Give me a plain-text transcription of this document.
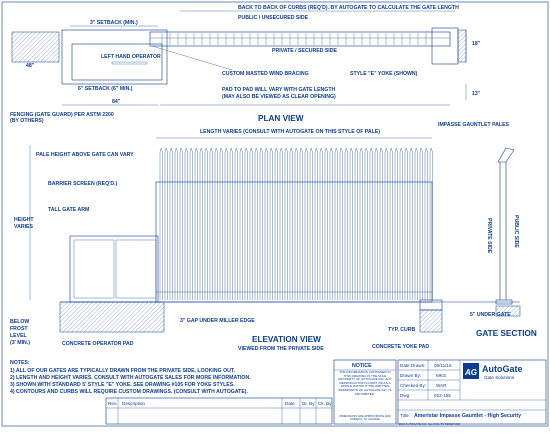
BACK TO BACK OF CURBS (REQ'D). BY AUTOGATE TO CALCULATE THE GATE LENGTH
PUBLIC / UNSECURED SIDE
3" SETBACK (MIN.)
LEFT HAND OPERATOR
PRIVATE / SECURED SIDE
CUSTOM MASTED WIND BRACING	STYLE "E" YOKE (SHOWN)
48"
18"
13"
6" SETBACK (6" MIN.)	PAD TO PAD WILL VARY WITH GATE LENGTH
(MAY ALSO BE VIEWED AS CLEAR OPENING)
84"
FENCING (GATE GUARD) PER ASTM 2200
(BY OTHERS)	PLAN VIEW
LENGTH VARIES (CONSULT WITH AUTOGATE ON THIS STYLE OF PALE)
IMPASSE GAUNTLET PALES
PALE HEIGHT ABOVE GATE CAN VARY
BARRIER SCREEN (REQ'D.)
TALL GATE ARM
HEIGHT
VARIES
BELOW
FROST
LEVEL
(3' MIN.)
3" GAP UNDER MILLER EDGE
TYP. CURB
CONCRETE OPERATOR PAD	CONCRETE YOKE PAD
ELEVATION VIEW
VIEWED FROM THE PRIVATE SIDE
PUBLIC SIDE
PRIVATE SIDE
5" UNDER GATE
GATE SECTION
NOTES:
1) ALL OF OUR GATES ARE TYPICALLY DRAWN FROM THE PRIVATE SIDE, LOOKING OUT.
2) LENGTH AND HEIGHT VARIES. CONSULT WITH AUTOGATE SALES FOR MORE INFORMATION.
3) SHOWN WITH STANDARD 5' STYLE "E" YOKE. SEE DRAWING #105 FOR YOKE STYLES.
4) CONTOURS AND CURBS WILL REQUIRE CUSTOM DRAWINGS. (CONSULT WITH AUTOGATE).
Rev. Description	Date Dr. By Ck. By
NOTICE
THE INFORMATION CONTAINED IN THIS DRAWING IS THE SOLE PROPERTY OF AUTOGATE INC. ANY REPRODUCTION IN PART OR AS A WHOLE WITHOUT THE WRITTEN PERMISSION OF AUTOGATE INC. IS PROHIBITED.
DIMENSIONS ARE APPROXIMATE AND SUBJECT TO CHANGE
Date Drawn: 08/11/16
Drawn By:	MKS
Checked By: WAR
Dwg:	022-155
AG AutoGate
Gate Solutions
Title: Ameristar Impasse Gauntlet - High Security
© 2016 AUTOGATE INC. ALL RIGHTS RESERVED
